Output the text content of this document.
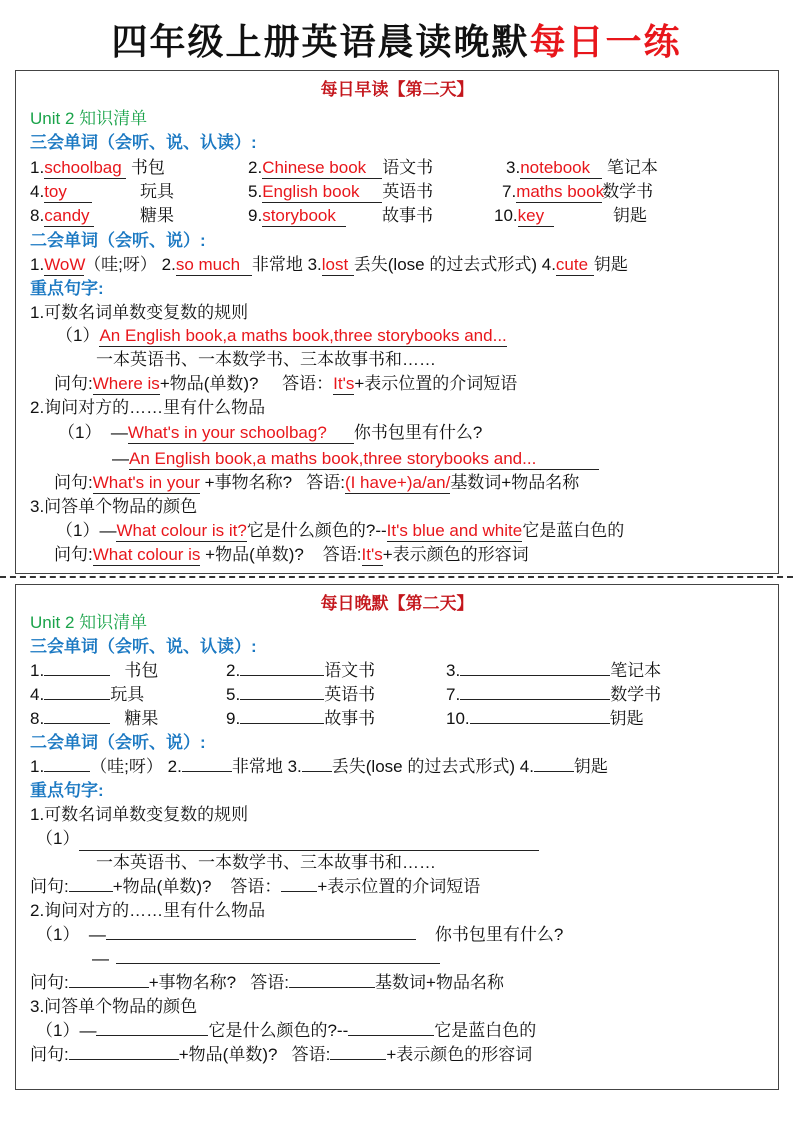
四年级上册英语晨读晚默每日一练
每日早读【第二天】
Unit 2 知识清单
三会单词（会听、说、认读）:
1.schoolbag 书包	2.Chinese book 语文书	3.notebook 笔记本
4.toy	玩具	5.English book 英语书	7.maths book数学书
8.candy	糖果	9.storybook	故事书	10.key	钥匙
二会单词（会听、说）:
1.WoW（哇;呀） 2.so much 非常地 3.lost 丢失(lose 的过去式形式) 4.cute 钥匙
重点句字:
1.可数名词单数变复数的规则
（1）An English book,a maths book,three storybooks and...
一本英语书、一本数学书、三本故事书和……
问句:Where is+物品(单数)? 答语：It's+表示位置的介词短语
2.询问对方的……里有什么物品
（1） —What's in your schoolbag? 你书包里有什么?
—An English book,a maths book,three storybooks and...
问句:What's in your +事物名称? 答语:(I have+)a/an/基数词+物品名称
3.问答单个物品的颜色
（1）—What colour is it?它是什么颜色的?--It's blue and white它是蓝白色的
问句:What colour is +物品(单数)? 答语:It's+表示颜色的形容词
每日晚默【第二天】
Unit 2 知识清单
三会单词（会听、说、认读）:
1.	书包	2.	语文书	3.	笔记本
4.	玩具	5.	英语书	7.	数学书
8.	糖果	9.	故事书	10.	钥匙
二会单词（会听、说）:
1.	（哇;呀） 2.	非常地 3. 丢失(lose 的过去式形式) 4. 钥匙
重点句字:
1.可数名词单数变复数的规则
（1）
一本英语书、一本数学书、三本故事书和……
问句:	+物品(单数)? 答语： +表示位置的介词短语
2.询问对方的……里有什么物品
（1） —	你书包里有什么?
—
问句:	+事物名称? 答语:	基数词+物品名称
3.问答单个物品的颜色
（1）—	它是什么颜色的?--	它是蓝白色的
问句:	+物品(单数)? 答语:	+表示颜色的形容词
